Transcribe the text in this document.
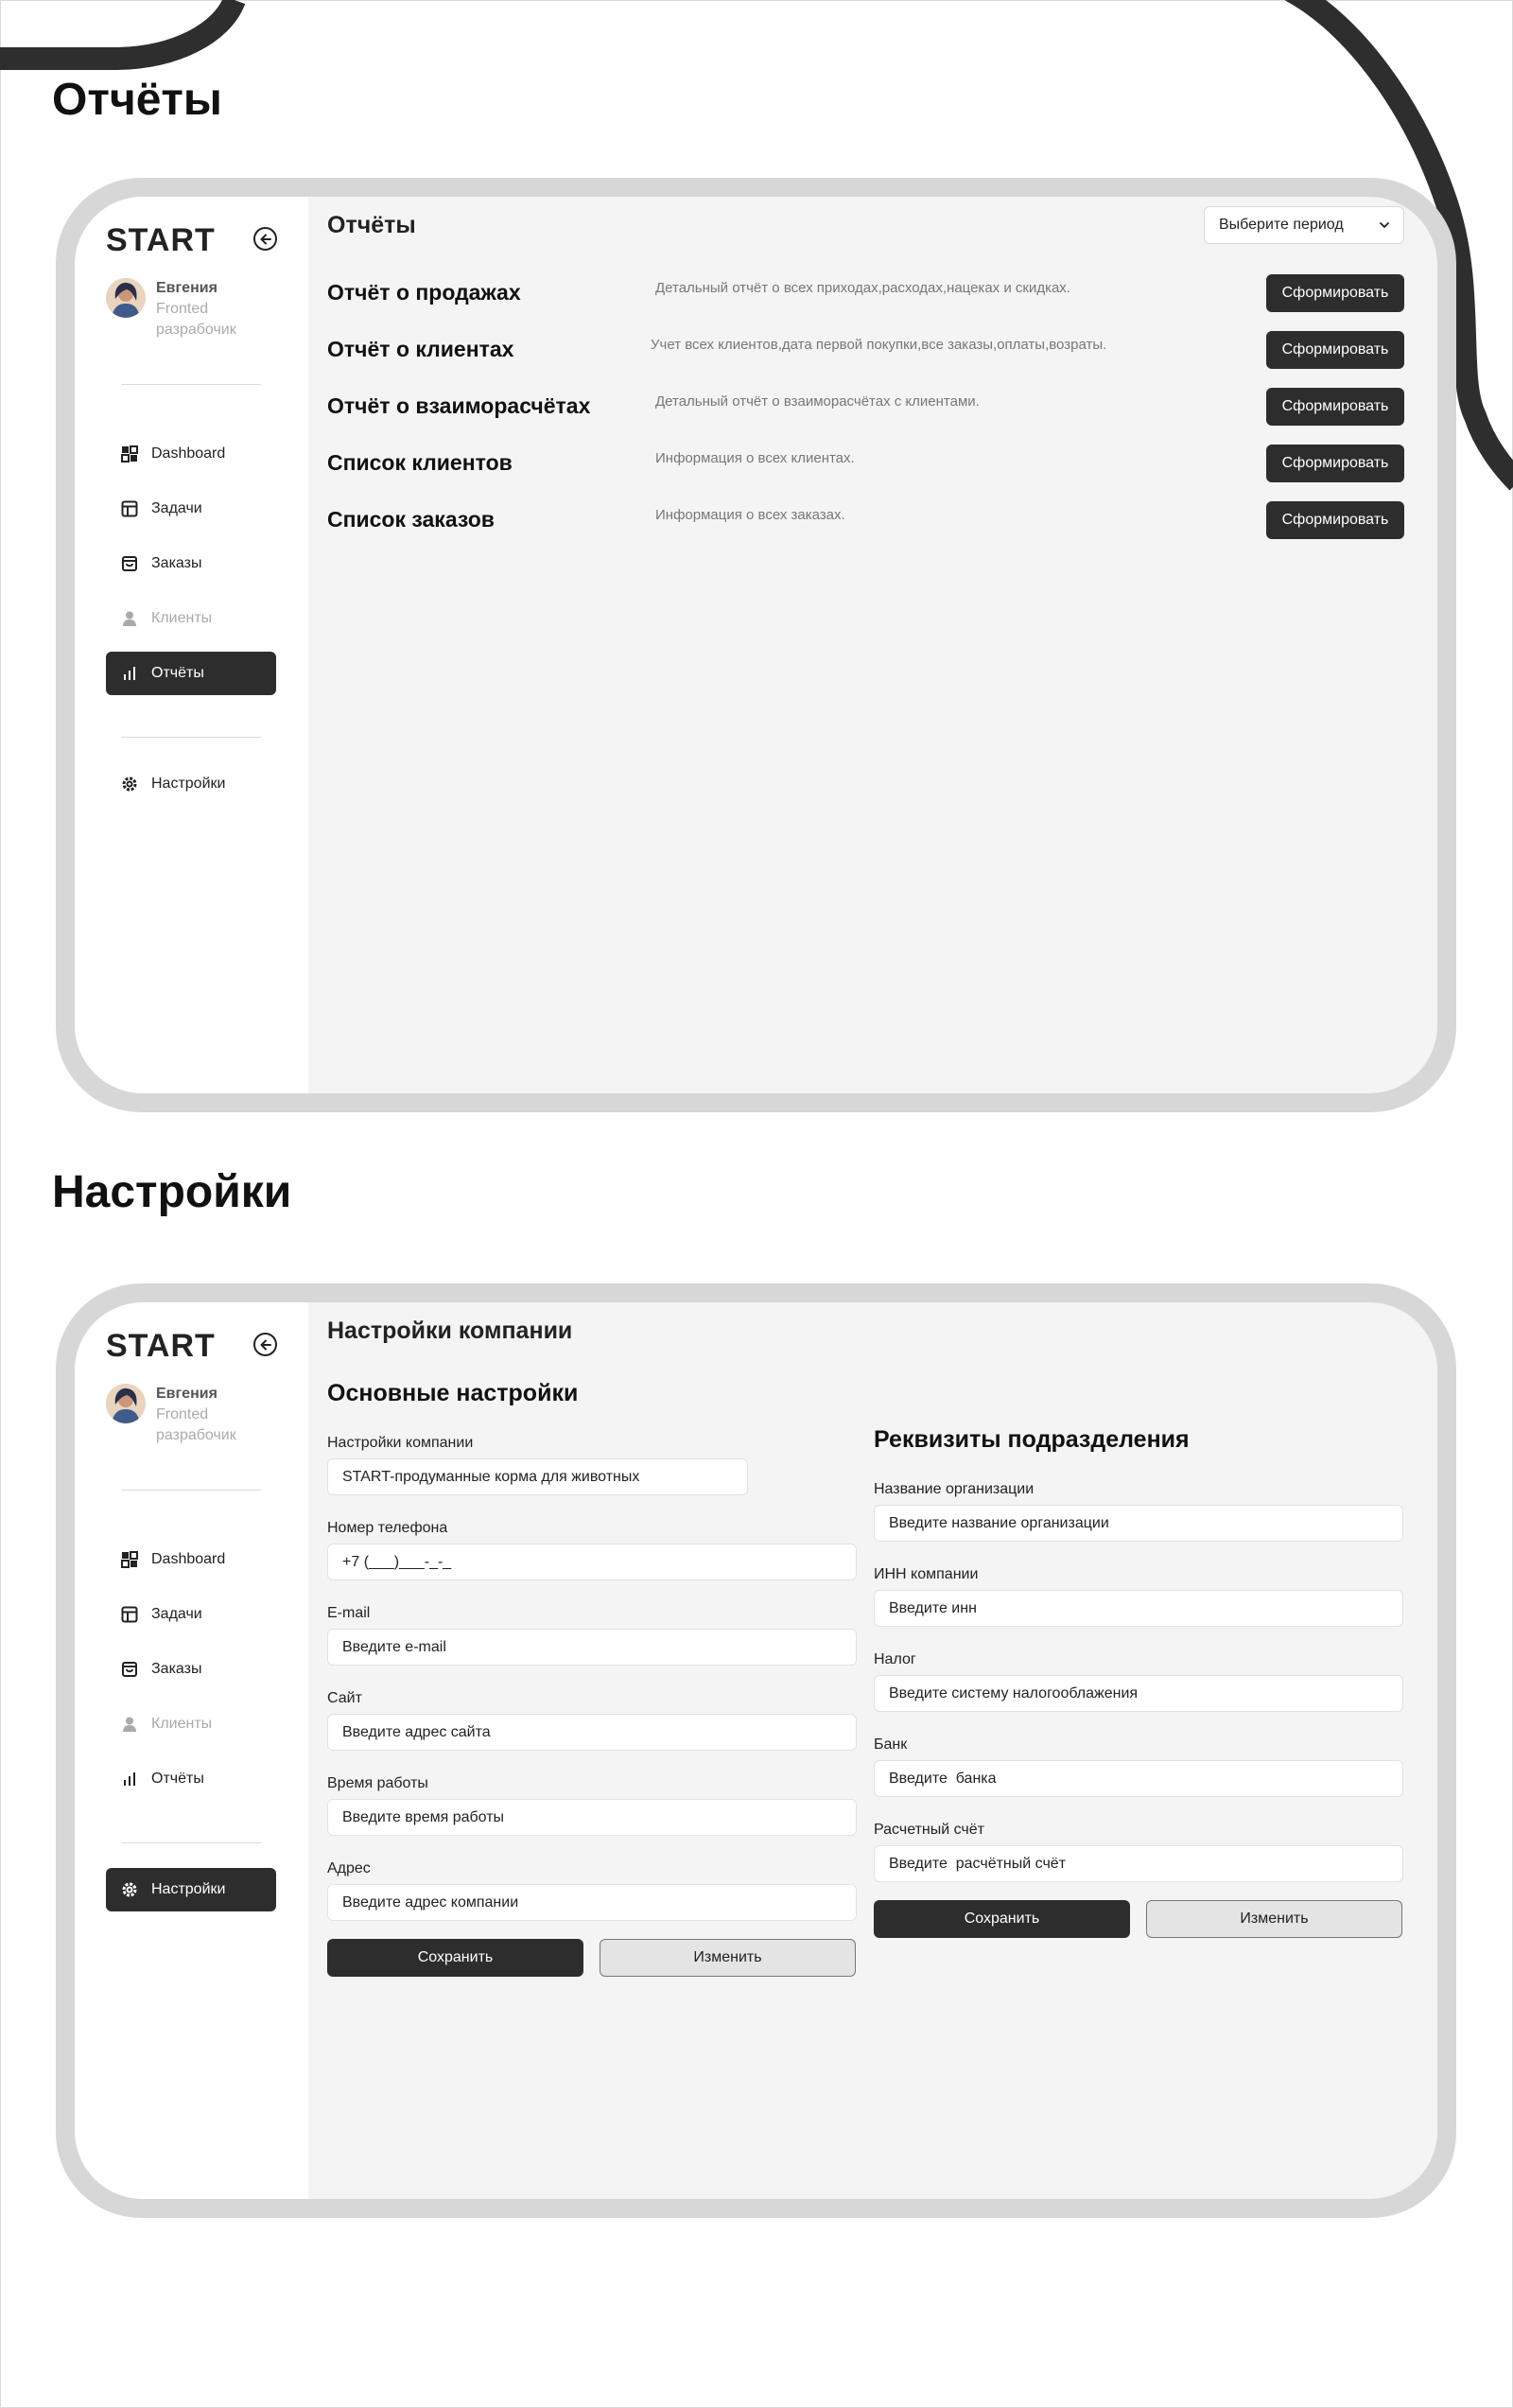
Отчёты
START
Евгения
Fronted разрабочик
Dashboard
Задачи
Заказы
Клиенты
Отчёты
Настройки
Отчёты	Выберите период
Отчёт о продажах	Детальный отчёт о всех приходах,расходах,нацеках и скидках.	Сформировать
Отчёт о клиентах	Учет всех клиентов,дата первой покупки,все заказы,оплаты,возраты.	Сформировать
Отчёт о взаиморасчётах	Детальный отчёт о взаиморасчётах с клиентами.	Сформировать
Список клиентов	Информация о всех клиентах.	Сформировать
Список заказов	Информация о всех заказах.	Сформировать
Настройки
START
Евгения
Fronted разрабочик
Dashboard
Задачи
Заказы
Клиенты
Отчёты
Настройки
Настройки компании
Основные настройки
Настройки компании
START-продуманные корма для животных
Номер телефона
+7 (___)___-_-_
E-mail
Введите e-mail
Сайт
Введите адрес сайта
Время работы
Введите время работы
Адрес
Введите адрес компании
Сохранить	Изменить
Реквизиты подразделения
Название организации
Введите название организации
ИНН компании
Введите инн
Налог
Введите систему налогооблажения
Банк
Введите банка
Расчетный счёт
Введите расчётный счёт
Сохранить	Изменить
